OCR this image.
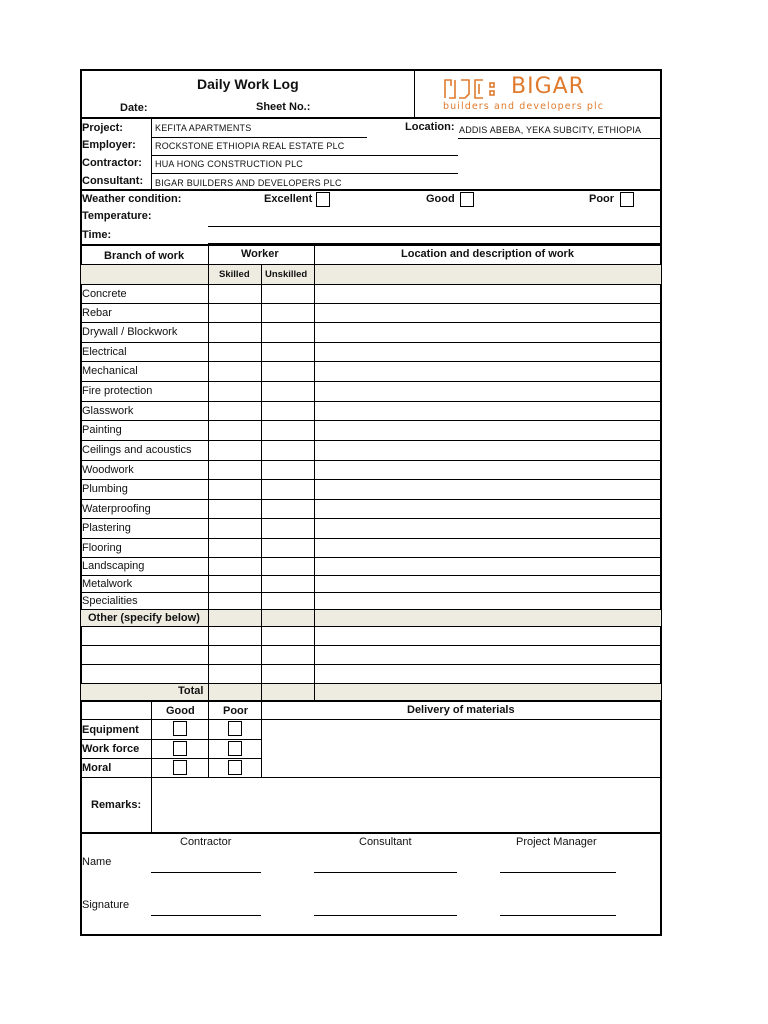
Daily Work Log
Date:	Sheet No.:
BIGAR
builders and developers plc
Project:	KEFITA APARTMENTS	Location: ADDIS ABEBA, YEKA SUBCITY, ETHIOPIA
Employer: ROCKSTONE ETHIOPIA REAL ESTATE PLC
Contractor: HUA HONG CONSTRUCTION PLC
Consultant: BIGAR BUILDERS AND DEVELOPERS PLC
Weather condition:	Excellent	Good	Poor
Temperature:
Time:
Branch of work	Worker	Location and description of work
Skilled Unskilled
Concrete
Rebar
Drywall / Blockwork
Electrical
Mechanical
Fire protection
Glasswork
Painting
Ceilings and acoustics
Woodwork
Plumbing
Waterproofing
Plastering
Flooring
Landscaping
Metalwork
Specialities
Other (specify below)
Total
Good	Poor	Delivery of materials
Equipment
Work force
Moral
Remarks:
Contractor	Consultant	Project Manager
Name
Signature
